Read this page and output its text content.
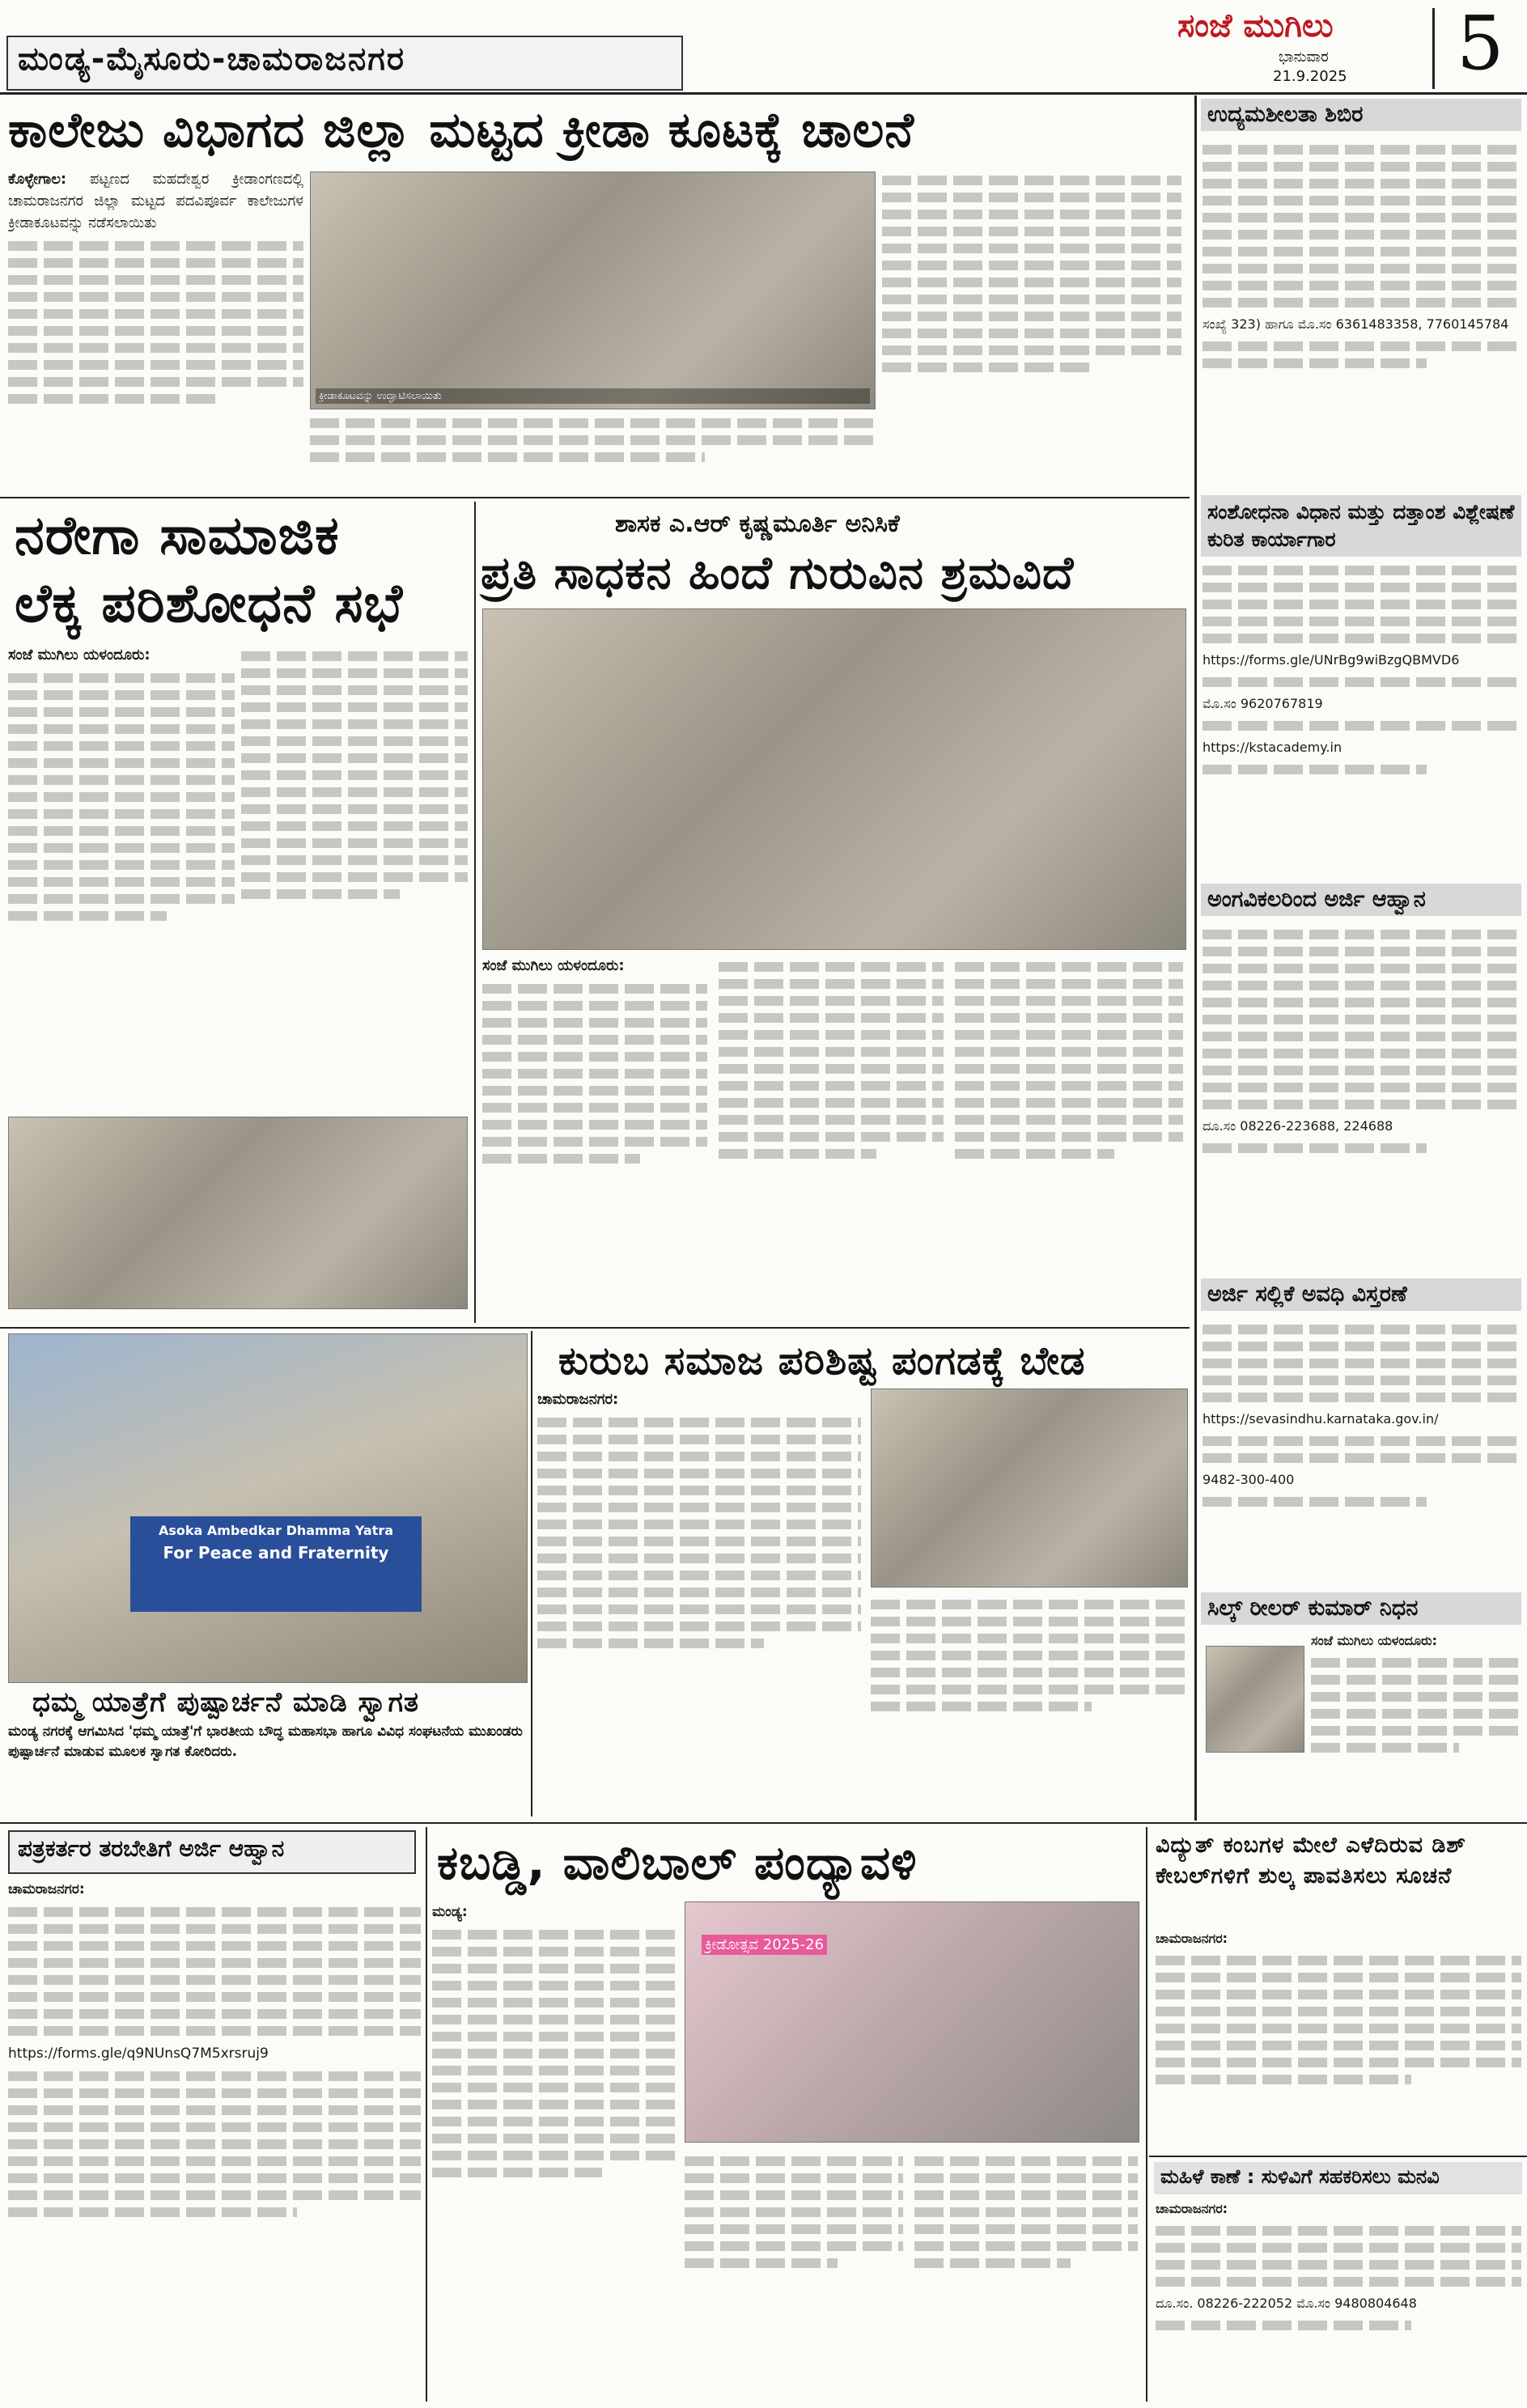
ಮಂಡ್ಯ-ಮೈಸೂರು-ಚಾಮರಾಜನಗರ
ಸಂಜೆ ಮುಗಿಲು
ಭಾನುವಾರ
21.9.2025 5
ಕಾಲೇಜು ವಿಭಾಗದ ಜಿಲ್ಲಾ ಮಟ್ಟದ ಕ್ರೀಡಾ ಕೂಟಕ್ಕೆ ಚಾಲನೆ
ಕೊಳ್ಳೇಗಾಲ: ಪಟ್ಟಣದ ಮಹದೇಶ್ವರ ಕ್ರೀಡಾಂಗಣದಲ್ಲಿ ಚಾಮರಾಜನಗರ ಜಿಲ್ಲಾ ಮಟ್ಟದ ಪದವಿಪೂರ್ವ ಕಾಲೇಜುಗಳ ಕ್ರೀಡಾಕೂಟವನ್ನು ನಡೆಸಲಾಯಿತು
ಕ್ರೀಡಾಕೂಟವನ್ನು ಉದ್ಘಾಟಿಸಲಾಯಿತು
ನರೇಗಾ ಸಾಮಾಜಿಕ
ಲೆಕ್ಕ ಪರಿಶೋಧನೆ ಸಭೆ
ಸಂಜೆ ಮುಗಿಲು ಯಳಂದೂರು:
ಶಾಸಕ ಎ.ಆರ್ ಕೃಷ್ಣಮೂರ್ತಿ ಅನಿಸಿಕೆ
ಪ್ರತಿ ಸಾಧಕನ ಹಿಂದೆ ಗುರುವಿನ ಶ್ರಮವಿದೆ
ಸಂಜೆ ಮುಗಿಲು ಯಳಂದೂರು:
Asoka Ambedkar Dhamma Yatra
For Peace and Fraternity
ಧಮ್ಮ ಯಾತ್ರೆಗೆ ಪುಷ್ಪಾರ್ಚನೆ ಮಾಡಿ ಸ್ವಾಗತ
ಮಂಡ್ಯ ನಗರಕ್ಕೆ ಆಗಮಿಸಿದ 'ಧಮ್ಮ ಯಾತ್ರೆ'ಗೆ ಭಾರತೀಯ ಬೌದ್ಧ ಮಹಾಸಭಾ ಹಾಗೂ ವಿವಿಧ ಸಂಘಟನೆಯ ಮುಖಂಡರು ಪುಷ್ಪಾರ್ಚನೆ ಮಾಡುವ ಮೂಲಕ ಸ್ವಾಗತ ಕೋರಿದರು.
ಕುರುಬ ಸಮಾಜ ಪರಿಶಿಷ್ಟ ಪಂಗಡಕ್ಕೆ ಬೇಡ
ಚಾಮರಾಜನಗರ:
ಉದ್ಯಮಶೀಲತಾ ಶಿಬಿರ
ಸಂಖ್ಯೆ 323) ಹಾಗೂ ಮೊ.ಸಂ 6361483358, 7760145784
ಸಂಶೋಧನಾ ವಿಧಾನ ಮತ್ತು ದತ್ತಾಂಶ ವಿಶ್ಲೇಷಣೆ ಕುರಿತ ಕಾರ್ಯಾಗಾರ
https://forms.gle/UNrBg9wiBzgQBMVD6
ಮೊ.ಸಂ 9620767819
https://kstacademy.in
ಅಂಗವಿಕಲರಿಂದ ಅರ್ಜಿ ಆಹ್ವಾನ
ದೂ.ಸಂ 08226-223688, 224688
ಅರ್ಜಿ ಸಲ್ಲಿಕೆ ಅವಧಿ ವಿಸ್ತರಣೆ
https://sevasindhu.karnataka.gov.in/
9482-300-400
ಸಿಲ್ಕ್ ರೀಲರ್ ಕುಮಾರ್ ನಿಧನ
ಸಂಜೆ ಮುಗಿಲು ಯಳಂದೂರು:
ಪತ್ರಕರ್ತರ ತರಬೇತಿಗೆ ಅರ್ಜಿ ಆಹ್ವಾನ
ಚಾಮರಾಜನಗರ:
https://forms.gle/q9NUnsQ7M5xrsruj9
ಕಬಡ್ಡಿ, ವಾಲಿಬಾಲ್ ಪಂದ್ಯಾವಳಿ
ಮಂಡ್ಯ:
ಕ್ರೀಡೋತ್ಸವ 2025-26
ವಿದ್ಯುತ್ ಕಂಬಗಳ ಮೇಲೆ ಎಳೆದಿರುವ ಡಿಶ್ ಕೇಬಲ್‌ಗಳಿಗೆ ಶುಲ್ಕ ಪಾವತಿಸಲು ಸೂಚನೆ
ಚಾಮರಾಜನಗರ:
ಮಹಿಳೆ ಕಾಣೆ : ಸುಳಿವಿಗೆ ಸಹಕರಿಸಲು ಮನವಿ
ಚಾಮರಾಜನಗರ:
ದೂ.ಸಂ. 08226-222052 ಮೊ.ಸಂ 9480804648
